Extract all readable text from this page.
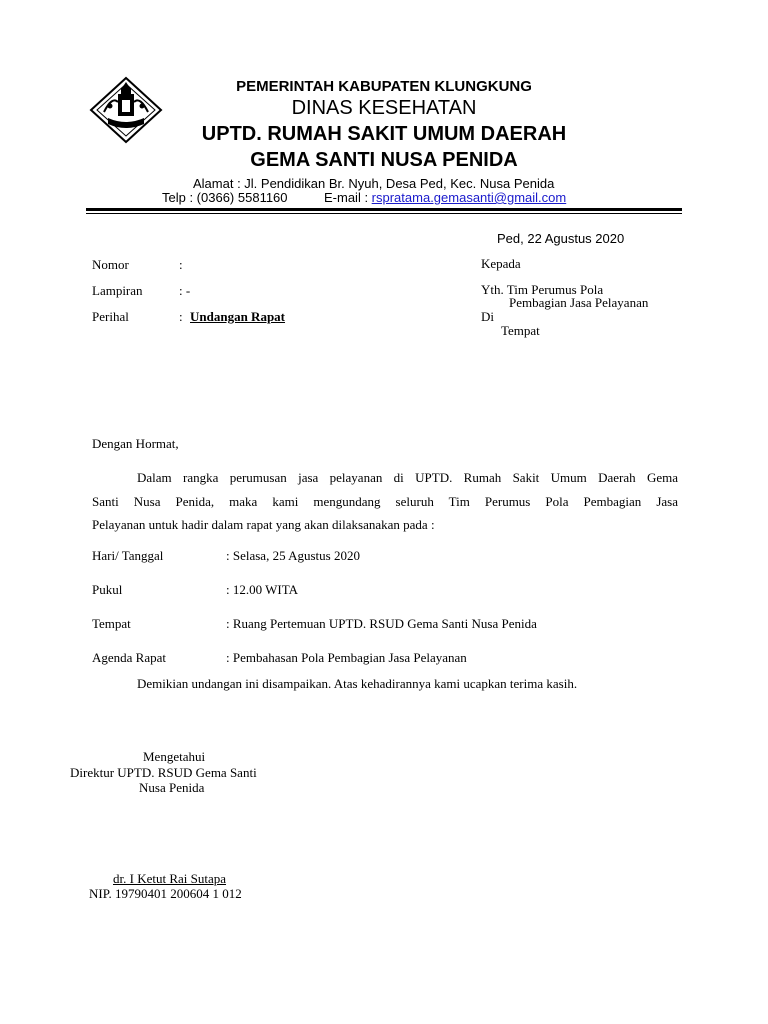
PEMERINTAH KABUPATEN KLUNGKUNG
DINAS KESEHATAN
UPTD. RUMAH SAKIT UMUM DAERAH
GEMA SANTI NUSA PENIDA
Alamat : Jl. Pendidikan Br. Nyuh, Desa Ped, Kec. Nusa Penida
Telp : (0366) 5581160	E-mail : rspratama.gemasanti@gmail.com
Ped, 22 Agustus 2020
Nomor	:
Lampiran	: -
Perihal	: Undangan Rapat
Kepada
Yth. Tim Perumus Pola
Pembagian Jasa Pelayanan
Di
Tempat
Dengan Hormat,
Dalam rangka perumusan jasa pelayanan di UPTD. Rumah Sakit Umum Daerah Gema
Santi Nusa Penida, maka kami mengundang seluruh Tim Perumus Pola Pembagian Jasa
Pelayanan untuk hadir dalam rapat yang akan dilaksanakan pada :
Hari/ Tanggal	: Selasa, 25 Agustus 2020
Pukul	: 12.00 WITA
Tempat	: Ruang Pertemuan UPTD. RSUD Gema Santi Nusa Penida
Agenda Rapat	: Pembahasan Pola Pembagian Jasa Pelayanan
Demikian undangan ini disampaikan. Atas kehadirannya kami ucapkan terima kasih.
Mengetahui
Direktur UPTD. RSUD Gema Santi
Nusa Penida
dr. I Ketut Rai Sutapa
NIP. 19790401 200604 1 012
